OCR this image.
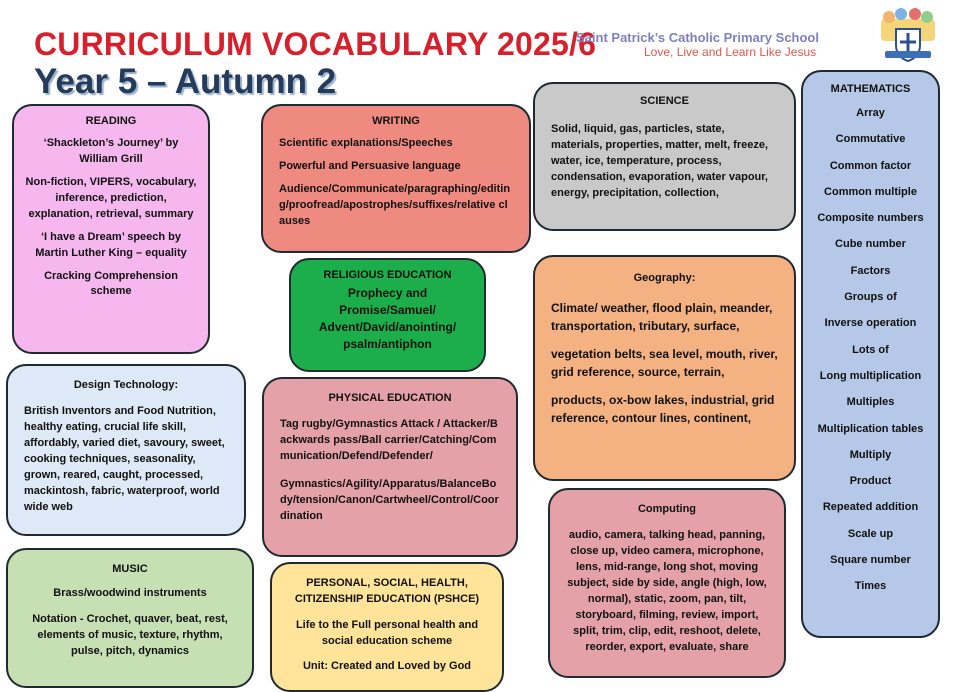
CURRICULUM VOCABULARY 2025/6
Year 5 – Autumn 2
Saint Patrick’s Catholic Primary School
Love, Live and Learn Like Jesus
READING

‘Shackleton’s Journey’ by William Grill

Non-fiction, VIPERS, vocabulary, inference, prediction, explanation, retrieval, summary

‘I have a Dream’ speech by Martin Luther King – equality

Cracking Comprehension scheme

WRITING

Scientific explanations/Speeches

Powerful and Persuasive language

Audience/Communicate/paragraphing/editing/proofread/apostrophes/suffixes/relative clauses

RELIGIOUS EDUCATION
Prophecy and Promise/Samuel/ Advent/David/anointing/ psalm/antiphon
SCIENCE

Solid, liquid, gas, particles, state, materials, properties, matter, melt, freeze, water, ice, temperature, process, condensation, evaporation, water vapour, energy, precipitation, collection,

MATHEMATICS
Array
Commutative
Common factor
Common multiple
Composite numbers
Cube number
Factors
Groups of
Inverse operation
Lots of
Long multiplication
Multiples
Multiplication tables
Multiply
Product
Repeated addition
Scale up
Square number
Times
Geography:

Climate/ weather, flood plain, meander, transportation, tributary, surface,

vegetation belts, sea level, mouth, river, grid reference, source, terrain,

products, ox-bow lakes, industrial, grid reference, contour lines, continent,

Design Technology:

British Inventors and Food Nutrition, healthy eating, crucial life skill, affordably, varied diet, savoury, sweet, cooking techniques, seasonality, grown, reared, caught, processed, mackintosh, fabric, waterproof, world wide web

PHYSICAL EDUCATION

Tag rugby/Gymnastics Attack / Attacker/Backwards pass/Ball carrier/Catching/Communication/Defend/Defender/

Gymnastics/Agility/Apparatus/BalanceBody/tension/Canon/Cartwheel/Control/Coordination

Computing

audio, camera, talking head, panning, close up, video camera, microphone, lens, mid-range, long shot, moving subject, side by side, angle (high, low, normal), static, zoom, pan, tilt, storyboard, filming, review, import, split, trim, clip, edit, reshoot, delete, reorder, export, evaluate, share

MUSIC

Brass/woodwind instruments

Notation - Crochet, quaver, beat, rest, elements of music, texture, rhythm, pulse, pitch, dynamics

PERSONAL, SOCIAL, HEALTH, CITIZENSHIP EDUCATION (PSHCE)

Life to the Full personal health and social education scheme

Unit: Created and Loved by God
